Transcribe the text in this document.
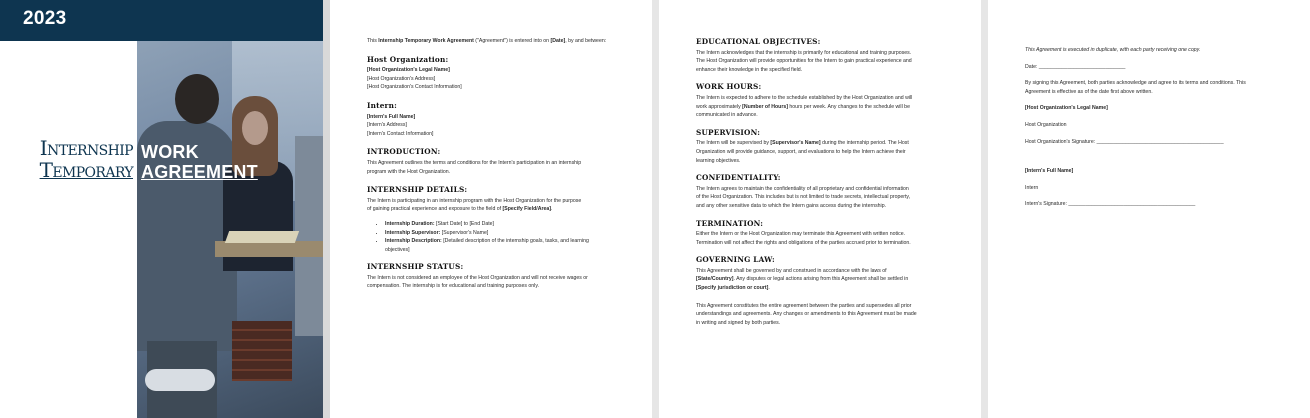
2023
Internship
Temporary
WORK
AGREEMENT

This Internship Temporary Work Agreement ("Agreement") is entered into on [Date], by and between:

Host Organization:

[Host Organization's Legal Name]

[Host Organization's Address]

[Host Organization's Contact Information]

Intern:

[Intern's Full Name]

[Intern's Address]

[Intern's Contact Information]

INTRODUCTION:

This Agreement outlines the terms and conditions for the Intern's participation in an internship
program with the Host Organization.

INTERNSHIP DETAILS:

The Intern is participating in an internship program with the Host Organization for the purpose
of gaining practical experience and exposure to the field of [Specify Field/Area].

• Internship Duration: [Start Date] to [End Date]
• Internship Supervisor: [Supervisor's Name]
• Internship Description: [Detailed description of the internship goals, tasks, and learning
objectives]

INTERNSHIP STATUS:

The Intern is not considered an employee of the Host Organization and will not receive wages or
compensation. The internship is for educational and training purposes only.

EDUCATIONAL OBJECTIVES:

The Intern acknowledges that the internship is primarily for educational and training purposes.
The Host Organization will provide opportunities for the Intern to gain practical experience and
enhance their knowledge in the specified field.

WORK HOURS:

The Intern is expected to adhere to the schedule established by the Host Organization and will
work approximately [Number of Hours] hours per week. Any changes to the schedule will be
communicated in advance.

SUPERVISION:

The Intern will be supervised by [Supervisor's Name] during the internship period. The Host
Organization will provide guidance, support, and evaluations to help the Intern achieve their
learning objectives.

CONFIDENTIALITY:

The Intern agrees to maintain the confidentiality of all proprietary and confidential information
of the Host Organization. This includes but is not limited to trade secrets, intellectual property,
and any other sensitive data to which the Intern gains access during the internship.

TERMINATION:

Either the Intern or the Host Organization may terminate this Agreement with written notice.
Termination will not affect the rights and obligations of the parties accrued prior to termination.

GOVERNING LAW:

This Agreement shall be governed by and construed in accordance with the laws of
[State/Country]. Any disputes or legal actions arising from this Agreement shall be settled in
[Specify jurisdiction or court].

This Agreement constitutes the entire agreement between the parties and supersedes all prior
understandings and agreements. Any changes or amendments to this Agreement must be made
in writing and signed by both parties.

This Agreement is executed in duplicate, with each party receiving one copy.

Date: ______________________________

By signing this Agreement, both parties acknowledge and agree to its terms and conditions. This
Agreement is effective as of the date first above written.

[Host Organization's Legal Name]

Host Organization

Host Organization's Signature: ____________________________________________

[Intern's Full Name]

Intern

Intern's Signature: ____________________________________________
